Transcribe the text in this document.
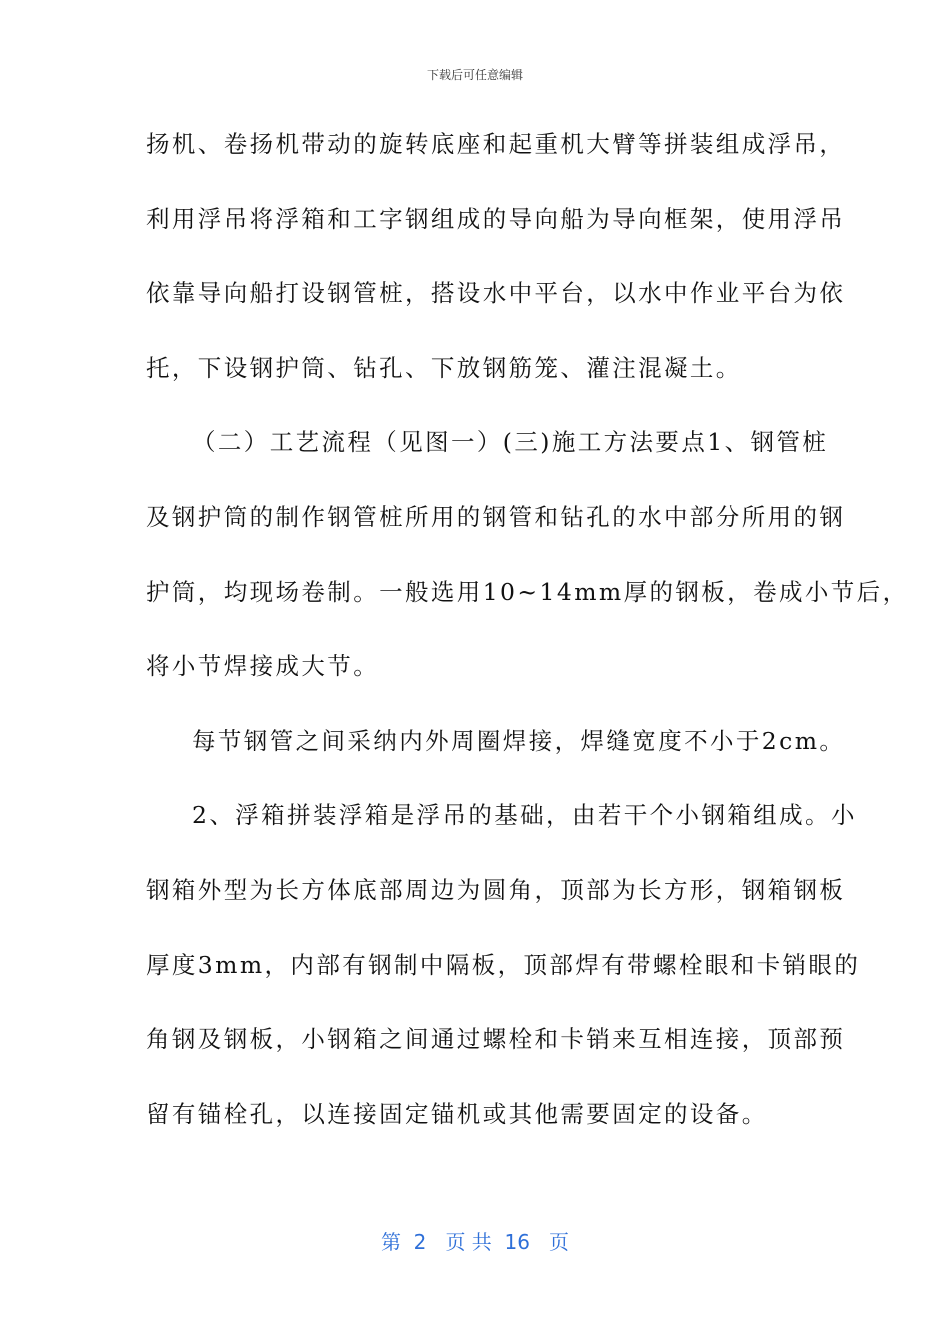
下载后可任意编辑
扬机、卷扬机带动的旋转底座和起重机大臂等拼装组成浮吊，
利用浮吊将浮箱和工字钢组成的导向船为导向框架，使用浮吊
依靠导向船打设钢管桩，搭设水中平台，以水中作业平台为依
托，下设钢护筒、钻孔、下放钢筋笼、灌注混凝土。
（二）工艺流程（见图一）(三)施工方法要点1、钢管桩
及钢护筒的制作钢管桩所用的钢管和钻孔的水中部分所用的钢
护筒，均现场卷制。一般选用10~14mm厚的钢板，卷成小节后，
将小节焊接成大节。
每节钢管之间采纳内外周圈焊接，焊缝宽度不小于2cm。
2、浮箱拼装浮箱是浮吊的基础，由若干个小钢箱组成。小
钢箱外型为长方体底部周边为圆角，顶部为长方形，钢箱钢板
厚度3mm，内部有钢制中隔板，顶部焊有带螺栓眼和卡销眼的
角钢及钢板，小钢箱之间通过螺栓和卡销来互相连接，顶部预
留有锚栓孔，以连接固定锚机或其他需要固定的设备。
第  2   页 共  16   页
